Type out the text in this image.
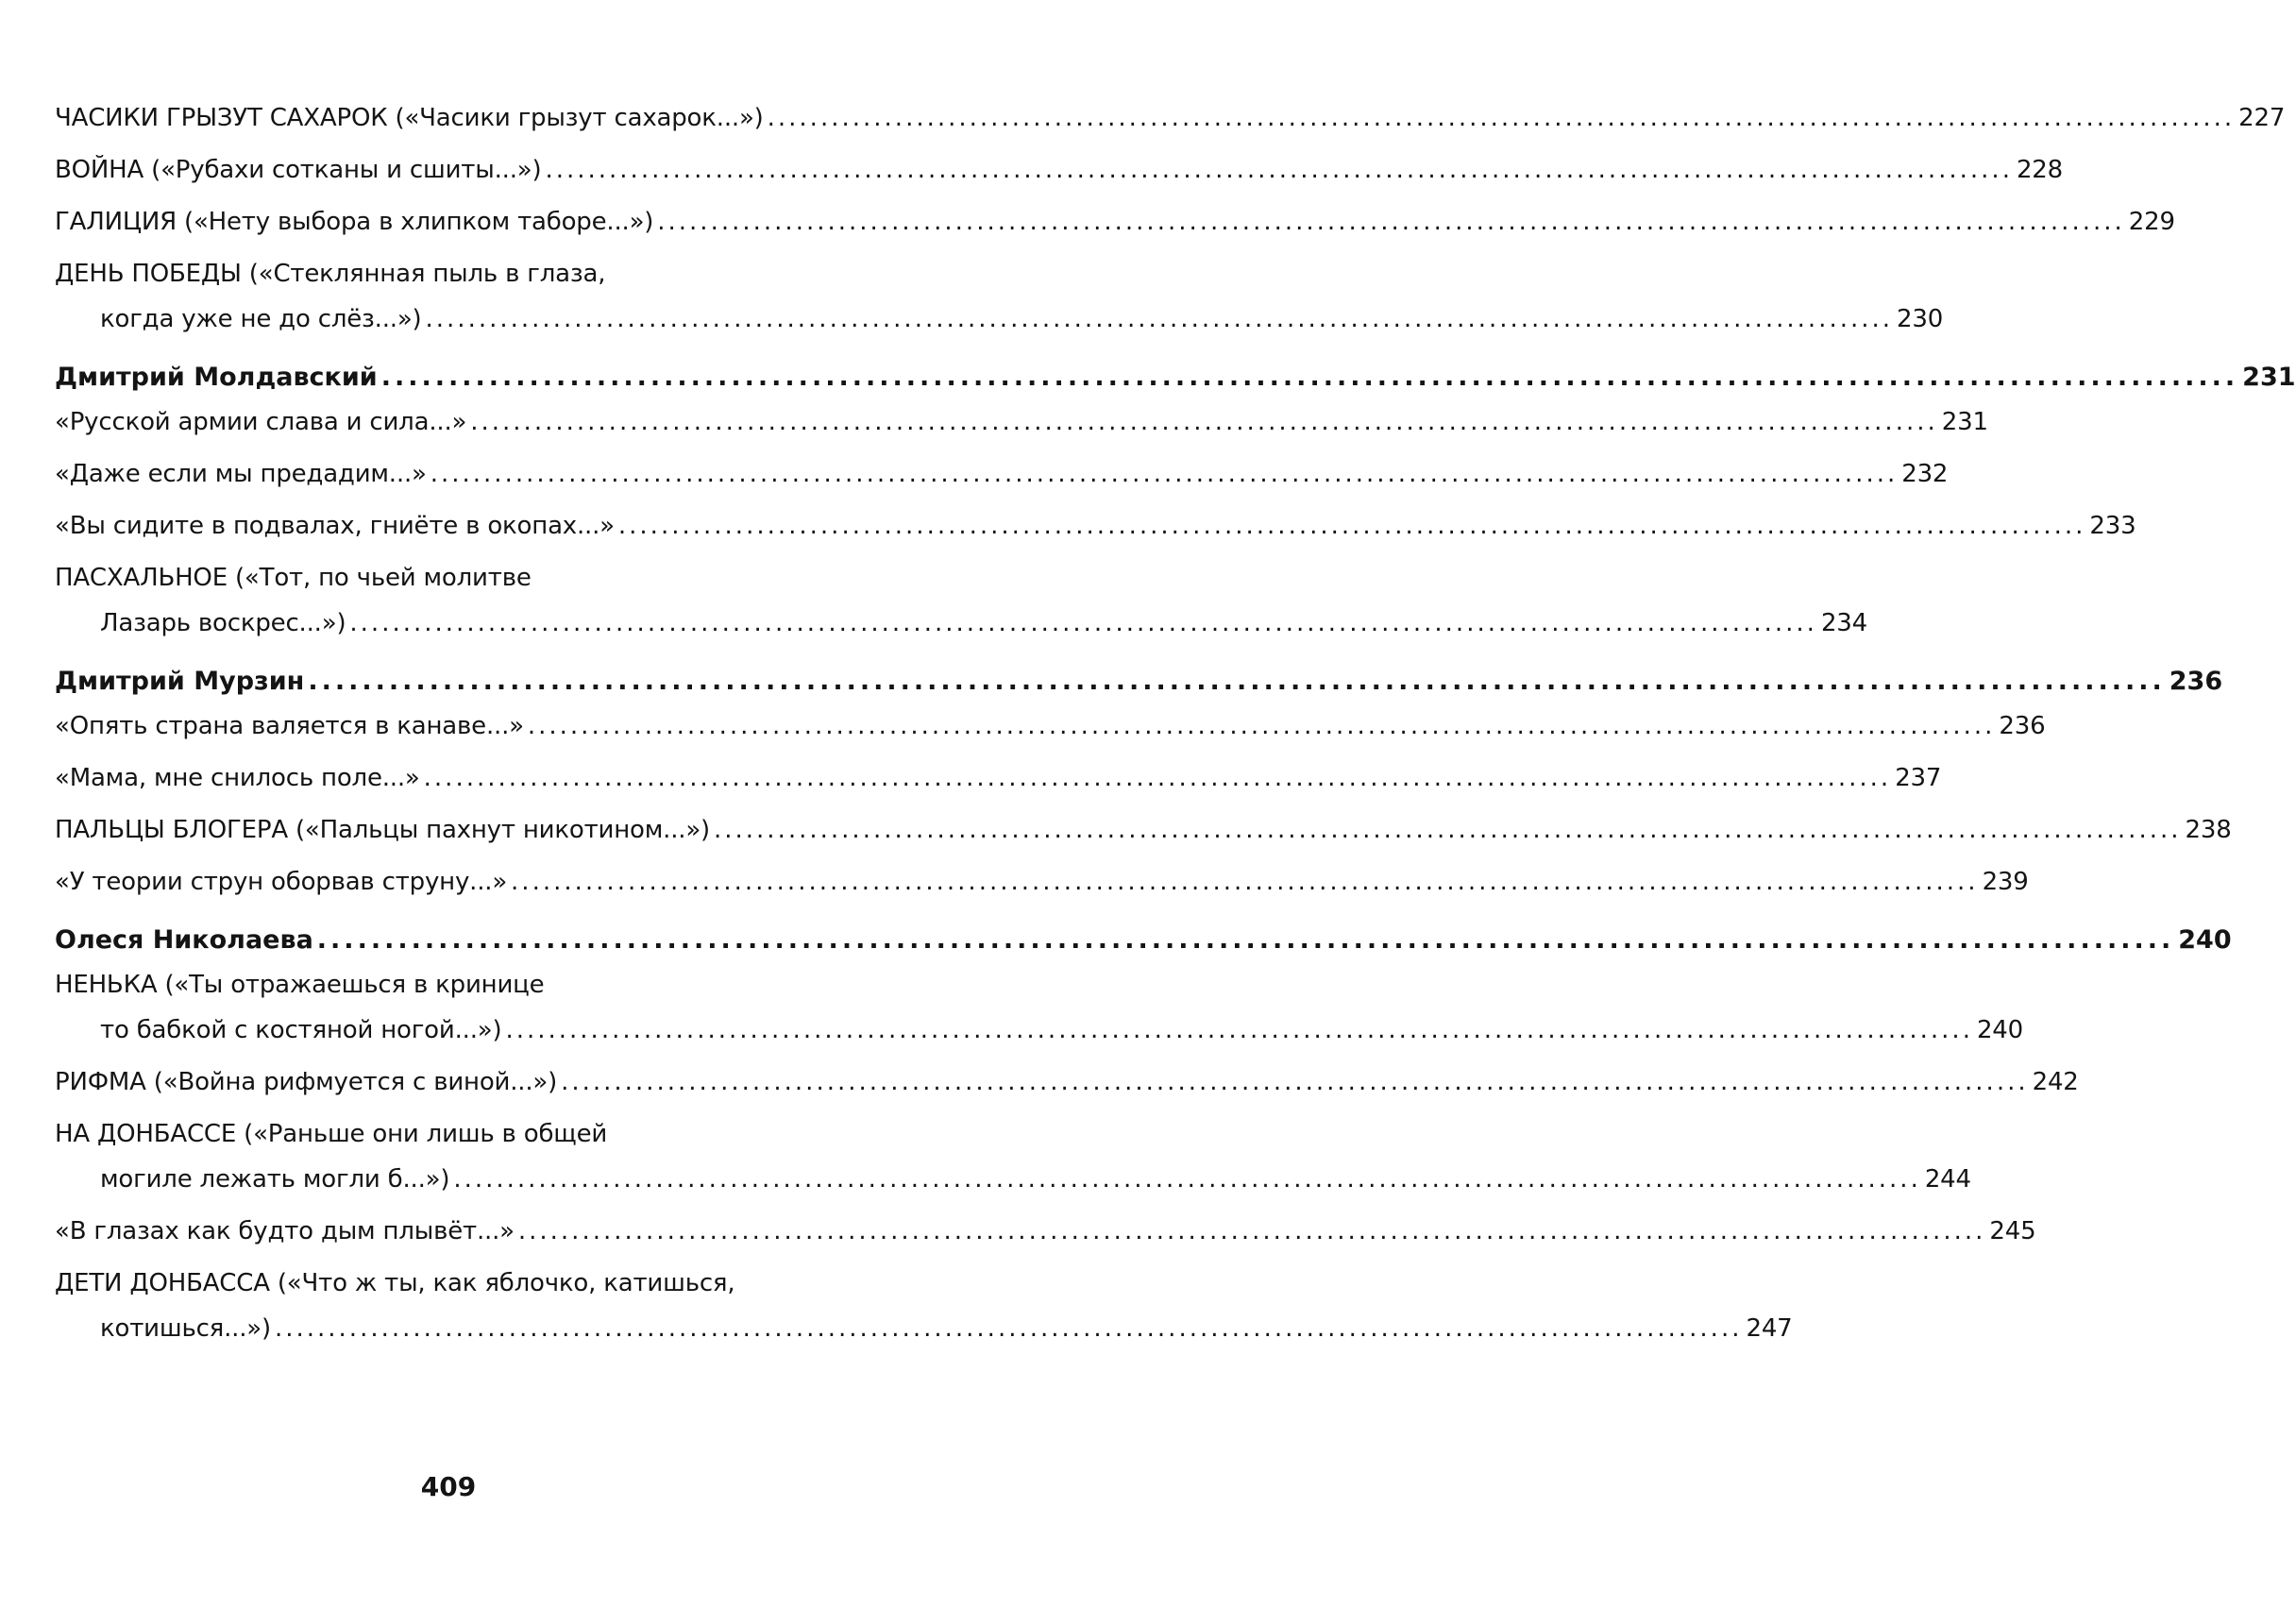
ЧАСИКИ ГРЫЗУТ САХАРОК («Часики грызут сахарок...») .......................................................................................................................................... 227
ВОЙНА («Рубахи сотканы и сшиты...») .......................................................................................................................................... 228
ГАЛИЦИЯ («Нету выбора в хлипком таборе...») .......................................................................................................................................... 229
ДЕНЬ ПОБЕДЫ («Стеклянная пыль в глаза,
когда уже не до слёз...») .......................................................................................................................................... 230
Дмитрий Молдавский .......................................................................................................................................... 231
«Русской армии слава и сила...» .......................................................................................................................................... 231
«Даже если мы предадим...» .......................................................................................................................................... 232
«Вы сидите в подвалах, гниёте в окопах...» .......................................................................................................................................... 233
ПАСХАЛЬНОЕ («Тот, по чьей молитве
Лазарь воскрес...») .......................................................................................................................................... 234
Дмитрий Мурзин .......................................................................................................................................... 236
«Опять страна валяется в канаве...» .......................................................................................................................................... 236
«Мама, мне снилось поле...» .......................................................................................................................................... 237
ПАЛЬЦЫ БЛОГЕРА («Пальцы пахнут никотином...») .......................................................................................................................................... 238
«У теории струн оборвав струну...» .......................................................................................................................................... 239
Олеся Николаева .......................................................................................................................................... 240
НЕНЬКА («Ты отражаешься в кринице
то бабкой с костяной ногой...») .......................................................................................................................................... 240
РИФМА («Война рифмуется с виной...») .......................................................................................................................................... 242
НА ДОНБАССЕ («Раньше они лишь в общей
могиле лежать могли б...») .......................................................................................................................................... 244
«В глазах как будто дым плывёт...» .......................................................................................................................................... 245
ДЕТИ ДОНБАССА («Что ж ты, как яблочко, катишься,
котишься...») .......................................................................................................................................... 247
409
